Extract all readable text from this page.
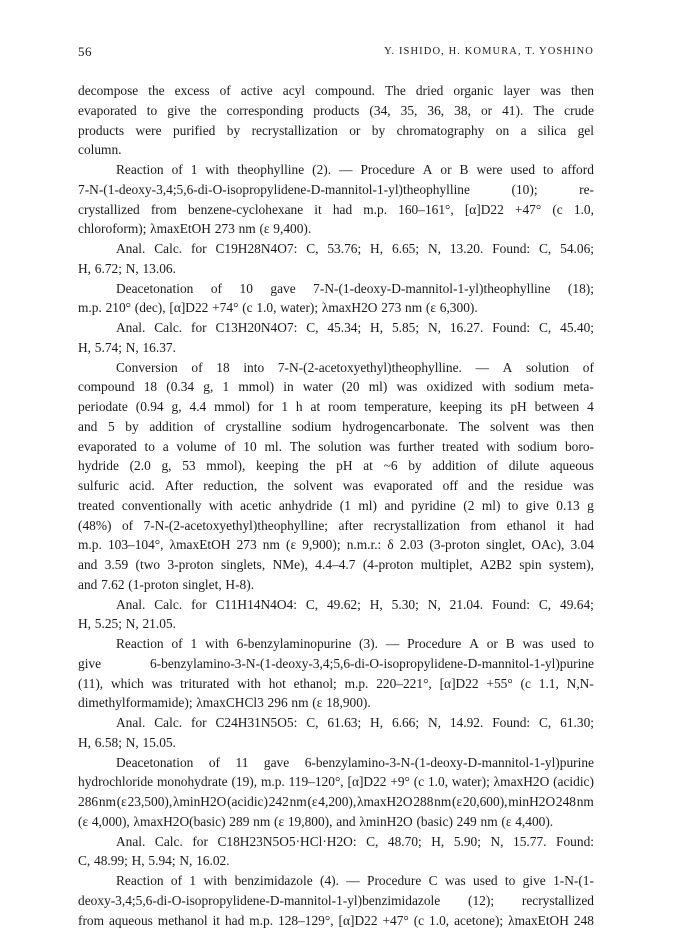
56	Y. ISHIDO, H. KOMURA, T. YOSHINO
decompose the excess of active acyl compound. The dried organic layer was then
evaporated to give the corresponding products (34, 35, 36, 38, or 41). The crude
products were purified by recrystallization or by chromatography on a silica gel
column.
Reaction of 1 with theophylline (2). — Procedure A or B were used to afford
7-N-(1-deoxy-3,4;5,6-di-O-isopropylidene-D-mannitol-1-yl)theophylline	(10);	re-
crystallized from benzene-cyclohexane it had m.p. 160–161°, [α]D22 +47° (c 1.0,
chloroform); λmaxEtOH 273 nm (ε 9,400).
Anal. Calc. for C19H28N4O7: C, 53.76; H, 6.65; N, 13.20. Found: C, 54.06;
H, 6.72; N, 13.06.
Deacetonation of 10 gave 7-N-(1-deoxy-D-mannitol-1-yl)theophylline (18);
m.p. 210° (dec), [α]D22 +74° (c 1.0, water); λmaxH2O 273 nm (ε 6,300).
Anal. Calc. for C13H20N4O7: C, 45.34; H, 5.85; N, 16.27. Found: C, 45.40;
H, 5.74; N, 16.37.
Conversion of 18 into 7-N-(2-acetoxyethyl)theophylline. — A solution of
compound 18 (0.34 g, 1 mmol) in water (20 ml) was oxidized with sodium meta-
periodate (0.94 g, 4.4 mmol) for 1 h at room temperature, keeping its pH between 4
and 5 by addition of crystalline sodium hydrogencarbonate. The solvent was then
evaporated to a volume of 10 ml. The solution was further treated with sodium boro-
hydride (2.0 g, 53 mmol), keeping the pH at ~6 by addition of dilute aqueous
sulfuric acid. After reduction, the solvent was evaporated off and the residue was
treated conventionally with acetic anhydride (1 ml) and pyridine (2 ml) to give 0.13 g
(48%) of 7-N-(2-acetoxyethyl)theophylline; after recrystallization from ethanol it had
m.p. 103–104°, λmaxEtOH 273 nm (ε 9,900); n.m.r.: δ 2.03 (3-proton singlet, OAc), 3.04
and 3.59 (two 3-proton singlets, NMe), 4.4–4.7 (4-proton multiplet, A2B2 spin system),
and 7.62 (1-proton singlet, H-8).
Anal. Calc. for C11H14N4O4: C, 49.62; H, 5.30; N, 21.04. Found: C, 49.64;
H, 5.25; N, 21.05.
Reaction of 1 with 6-benzylaminopurine (3). — Procedure A or B was used to
give	6-benzylamino-3-N-(1-deoxy-3,4;5,6-di-O-isopropylidene-D-mannitol-1-yl)purine
(11), which was triturated with hot ethanol; m.p. 220–221°, [α]D22 +55° (c 1.1, N,N-
dimethylformamide); λmaxCHCl3 296 nm (ε 18,900).
Anal. Calc. for C24H31N5O5: C, 61.63; H, 6.66; N, 14.92. Found: C, 61.30;
H, 6.58; N, 15.05.
Deacetonation of 11 gave 6-benzylamino-3-N-(1-deoxy-D-mannitol-1-yl)purine
hydrochloride monohydrate (19), m.p. 119–120°, [α]D22 +9° (c 1.0, water); λmaxH2O (acidic)
286 nm (ε 23,500), λminH2O (acidic) 242 nm (ε 4,200), λmaxH2O 288 nm (ε 20,600), minH2O 248 nm
(ε 4,000), λmaxH2O(basic) 289 nm (ε 19,800), and λminH2O (basic) 249 nm (ε 4,400).
Anal. Calc. for C18H23N5O5·HCl·H2O: C, 48.70; H, 5.90; N, 15.77. Found:
C, 48.99; H, 5.94; N, 16.02.
Reaction of 1 with benzimidazole (4). — Procedure C was used to give 1-N-(1-
deoxy-3,4;5,6-di-O-isopropylidene-D-mannitol-1-yl)benzimidazole (12); recrystallized
from aqueous methanol it had m.p. 128–129°, [α]D22 +47° (c 1.0, acetone); λmaxEtOH 248
